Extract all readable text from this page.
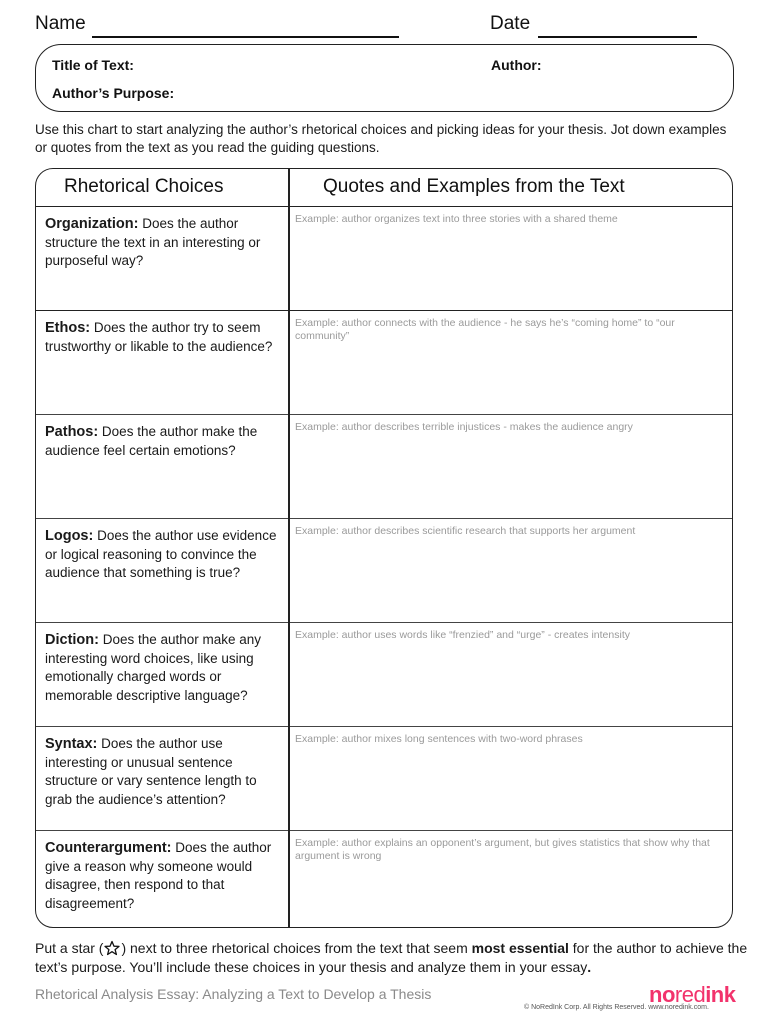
Name	Date
Title of Text:	Author:
Author’s Purpose:

Use this chart to start analyzing the author’s rhetorical choices and picking ideas for your thesis. Jot down examples or quotes from the text as you read the guiding questions.

Rhetorical Choices	Quotes and Examples from the Text
Organization: Does the author structure the text in an interesting or purposeful way?
Example: author organizes text into three stories with a shared theme
Ethos: Does the author try to seem trustworthy or likable to the audience?
Example: author connects with the audience - he says he’s “coming home” to “our community”
Pathos: Does the author make the audience feel certain emotions?
Example: author describes terrible injustices - makes the audience angry
Logos: Does the author use evidence or logical reasoning to convince the audience that something is true?
Example: author describes scientific research that supports her argument
Diction: Does the author make any interesting word choices, like using emotionally charged words or memorable descriptive language?
Example: author uses words like “frenzied” and “urge” - creates intensity
Syntax: Does the author use interesting or unusual sentence structure or vary sentence length to grab the audience’s attention?
Example: author mixes long sentences with two-word phrases
Counterargument: Does the author give a reason why someone would disagree, then respond to that disagreement?
Example: author explains an opponent’s argument, but gives statistics that show why that argument is wrong

Put a star ( ) next to three rhetorical choices from the text that seem most essential for the author to achieve the text’s purpose. You’ll include these choices in your thesis and analyze them in your essay.

Rhetorical Analysis Essay: Analyzing a Text to Develop a Thesis	noredink
© NoRedInk Corp. All Rights Reserved. www.noredink.com.
